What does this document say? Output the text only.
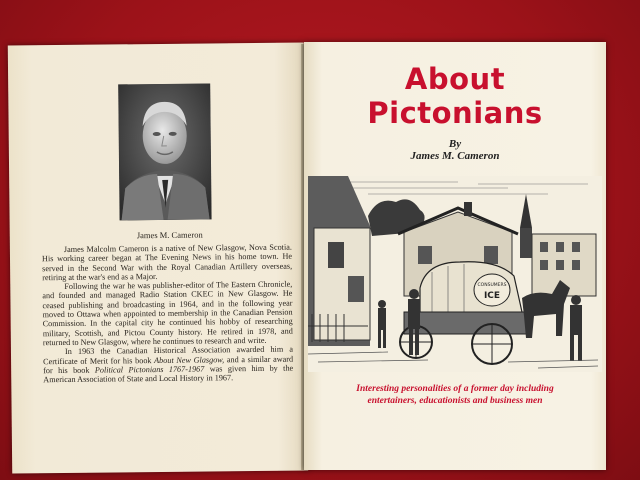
James M. Cameron

James Malcolm Cameron is a native of New Glasgow, Nova Scotia. His working career began at The Evening News in his home town. He served in the Second War with the Royal Canadian Artillery overseas, retiring at the war's end as a Major.

Following the war he was publisher-editor of The Eastern Chronicle, and founded and managed Radio Station CKEC in New Glasgow. He ceased publishing and broadcasting in 1964, and in the following year moved to Ottawa when appointed to membership in the Canadian Pension Commission. In the capital city he continued his hobby of researching military, Scottish, and Pictou County history. He retired in 1978, and returned to New Glasgow, where he continues to research and write.

In 1963 the Canadian Historical Association awarded him a Certificate of Merit for his book About New Glasgow, and a similar award for his book Political Pictonians 1767-1967 was given him by the American Association of State and Local History in 1967.

About
Pictonians
By
James M. Cameron
CONSUMERS
ICE
Interesting personalities of a former day including entertainers, educationists and business men
